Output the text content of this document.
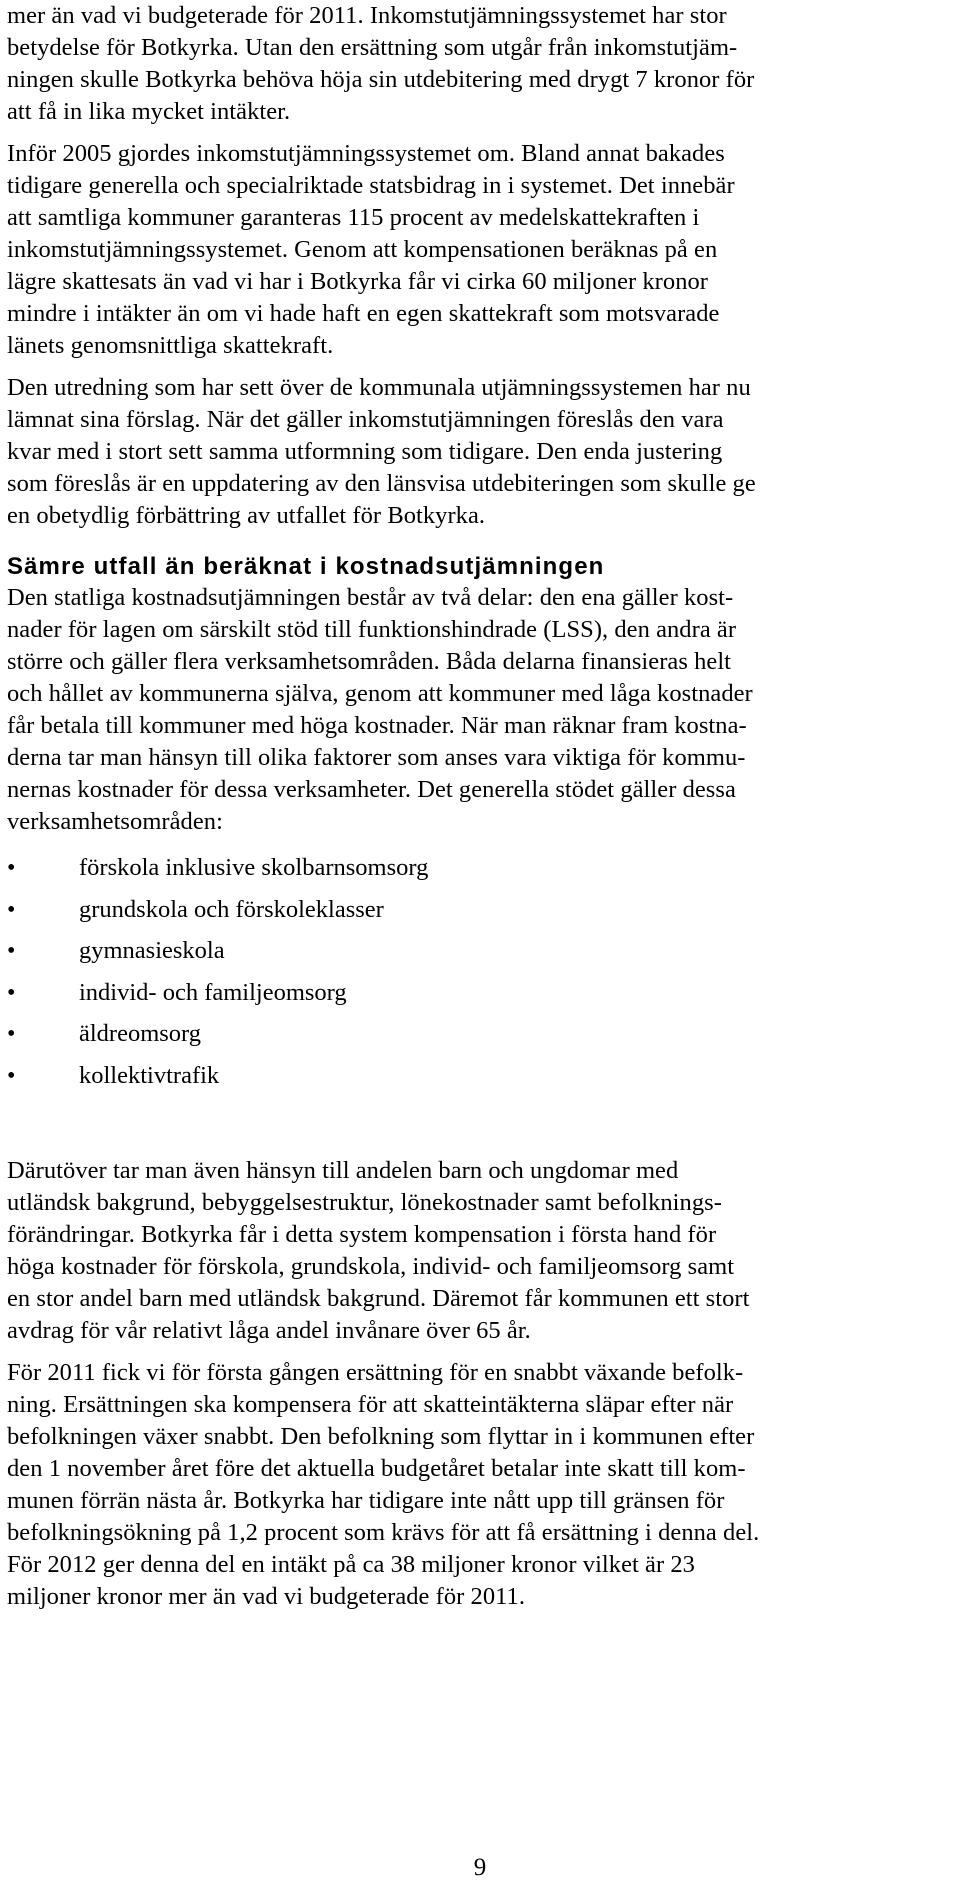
mer än vad vi budgeterade för 2011. Inkomstutjämningssystemet har stor
betydelse för Botkyrka. Utan den ersättning som utgår från inkomstutjäm-
ningen skulle Botkyrka behöva höja sin utdebitering med drygt 7 kronor för
att få in lika mycket intäkter.
Inför 2005 gjordes inkomstutjämningssystemet om. Bland annat bakades
tidigare generella och specialriktade statsbidrag in i systemet. Det innebär
att samtliga kommuner garanteras 115 procent av medelskattekraften i
inkomstutjämningssystemet. Genom att kompensationen beräknas på en
lägre skattesats än vad vi har i Botkyrka får vi cirka 60 miljoner kronor
mindre i intäkter än om vi hade haft en egen skattekraft som motsvarade
länets genomsnittliga skattekraft.
Den utredning som har sett över de kommunala utjämningssystemen har nu
lämnat sina förslag. När det gäller inkomstutjämningen föreslås den vara
kvar med i stort sett samma utformning som tidigare. Den enda justering
som föreslås är en uppdatering av den länsvisa utdebiteringen som skulle ge
en obetydlig förbättring av utfallet för Botkyrka.
Sämre utfall än beräknat i kostnadsutjämningen
Den statliga kostnadsutjämningen består av två delar: den ena gäller kost-
nader för lagen om särskilt stöd till funktionshindrade (LSS), den andra är
större och gäller flera verksamhetsområden. Båda delarna finansieras helt
och hållet av kommunerna själva, genom att kommuner med låga kostnader
får betala till kommuner med höga kostnader. När man räknar fram kostna-
derna tar man hänsyn till olika faktorer som anses vara viktiga för kommu-
nernas kostnader för dessa verksamheter. Det generella stödet gäller dessa
verksamhetsområden:
•	förskola inklusive skolbarnsomsorg
•	grundskola och förskoleklasser
•	gymnasieskola
•	individ- och familjeomsorg
•	äldreomsorg
•	kollektivtrafik
Därutöver tar man även hänsyn till andelen barn och ungdomar med
utländsk bakgrund, bebyggelsestruktur, lönekostnader samt befolknings-
förändringar. Botkyrka får i detta system kompensation i första hand för
höga kostnader för förskola, grundskola, individ- och familjeomsorg samt
en stor andel barn med utländsk bakgrund. Däremot får kommunen ett stort
avdrag för vår relativt låga andel invånare över 65 år.
För 2011 fick vi för första gången ersättning för en snabbt växande befolk-
ning. Ersättningen ska kompensera för att skatteintäkterna släpar efter när
befolkningen växer snabbt. Den befolkning som flyttar in i kommunen efter
den 1 november året före det aktuella budgetåret betalar inte skatt till kom-
munen förrän nästa år. Botkyrka har tidigare inte nått upp till gränsen för
befolkningsökning på 1,2 procent som krävs för att få ersättning i denna del.
För 2012 ger denna del en intäkt på ca 38 miljoner kronor vilket är 23
miljoner kronor mer än vad vi budgeterade för 2011.
9
